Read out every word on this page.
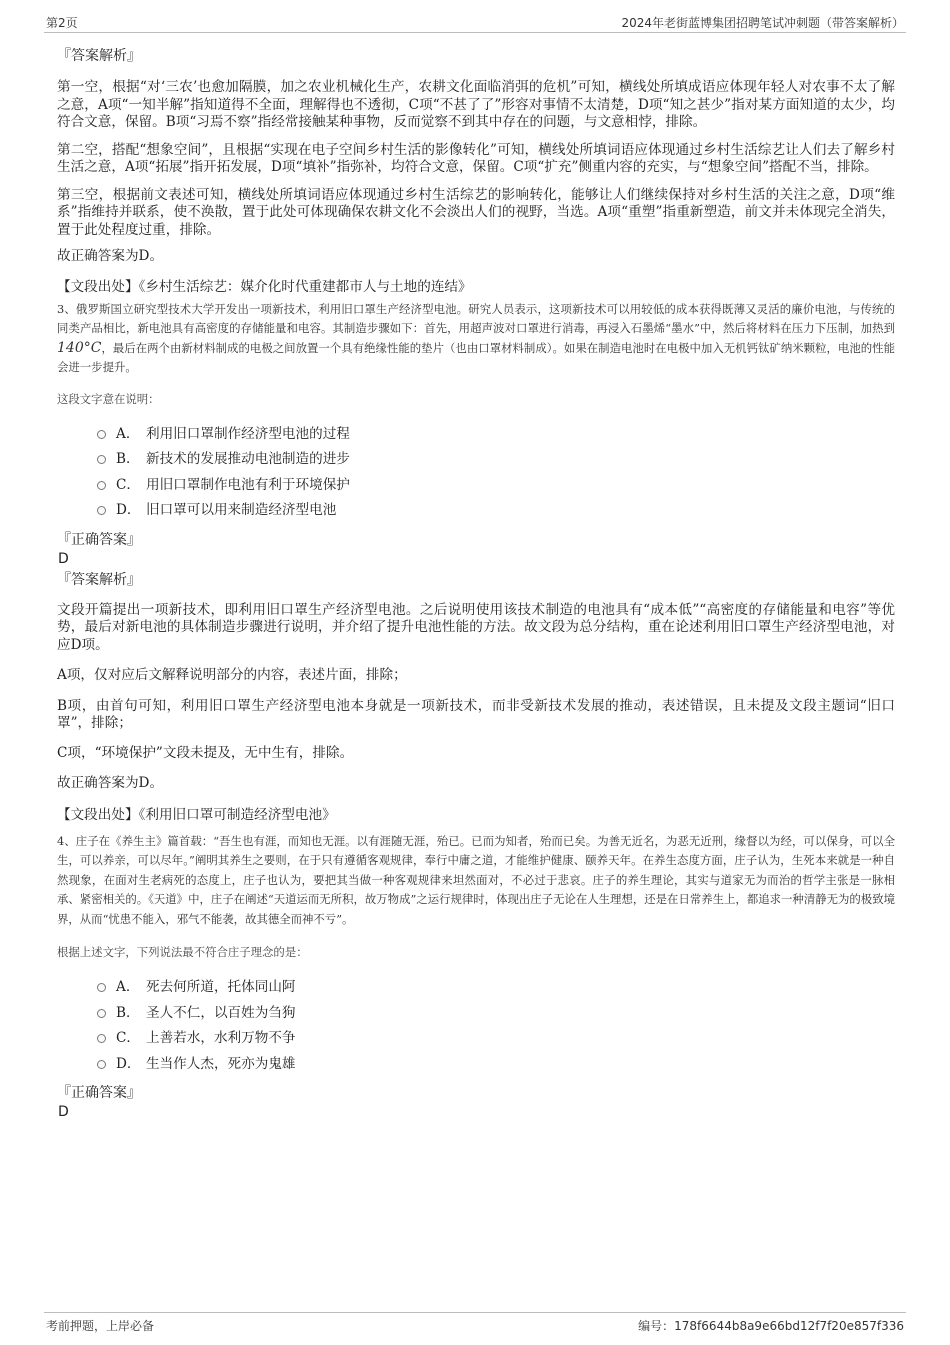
第2页	2024年老街蓝博集团招聘笔试冲刺题（带答案解析）

『答案解析』

第一空，根据“对‘三农’也愈加隔膜，加之农业机械化生产，农耕文化面临消弭的危机”可知，横线处所填成语应体现年轻人对农事不太了解之意，A项“一知半解”指知道得不全面，理解得也不透彻，C项“不甚了了”形容对事情不太清楚，D项“知之甚少”指对某方面知道的太少，均符合文意，保留。B项“习焉不察”指经常接触某种事物，反而觉察不到其中存在的问题，与文意相悖，排除。

第二空，搭配“想象空间”，且根据“实现在电子空间乡村生活的影像转化”可知，横线处所填词语应体现通过乡村生活综艺让人们去了解乡村生活之意，A项“拓展”指开拓发展，D项“填补”指弥补，均符合文意，保留。C项“扩充”侧重内容的充实，与“想象空间”搭配不当，排除。

第三空，根据前文表述可知，横线处所填词语应体现通过乡村生活综艺的影响转化，能够让人们继续保持对乡村生活的关注之意，D项“维系”指维持并联系，使不涣散，置于此处可体现确保农耕文化不会淡出人们的视野，当选。A项“重塑”指重新塑造，前文并未体现完全消失，置于此处程度过重，排除。

故正确答案为D。

【文段出处】《乡村生活综艺：媒介化时代重建都市人与土地的连结》

3、俄罗斯国立研究型技术大学开发出一项新技术，利用旧口罩生产经济型电池。研究人员表示，这项新技术可以用较低的成本获得既薄又灵活的廉价电池，与传统的同类产品相比，新电池具有高密度的存储能量和电容。其制造步骤如下：首先，用超声波对口罩进行消毒，再浸入石墨烯“墨水”中，然后将材料在压力下压制，加热到140°C，最后在两个由新材料制成的电极之间放置一个具有绝缘性能的垫片（也由口罩材料制成）。如果在制造电池时在电极中加入无机钙钛矿纳米颗粒，电池的性能会进一步提升。

这段文字意在说明：

A． 利用旧口罩制作经济型电池的过程
B． 新技术的发展推动电池制造的进步
C． 用旧口罩制作电池有利于环境保护
D． 旧口罩可以用来制造经济型电池

『正确答案』

D

『答案解析』

文段开篇提出一项新技术，即利用旧口罩生产经济型电池。之后说明使用该技术制造的电池具有“成本低”“高密度的存储能量和电容”等优势，最后对新电池的具体制造步骤进行说明，并介绍了提升电池性能的方法。故文段为总分结构，重在论述利用旧口罩生产经济型电池，对应D项。

A项，仅对应后文解释说明部分的内容，表述片面，排除；

B项，由首句可知，利用旧口罩生产经济型电池本身就是一项新技术，而非受新技术发展的推动，表述错误，且未提及文段主题词“旧口罩”，排除；

C项，“环境保护”文段未提及，无中生有，排除。

故正确答案为D。

【文段出处】《利用旧口罩可制造经济型电池》

4、庄子在《养生主》篇首载：“吾生也有涯，而知也无涯。以有涯随无涯，殆已。已而为知者，殆而已矣。为善无近名，为恶无近刑，缘督以为经，可以保身，可以全生，可以养亲，可以尽年。”阐明其养生之要则，在于只有遵循客观规律，奉行中庸之道，才能维护健康、颐养天年。在养生态度方面，庄子认为，生死本来就是一种自然现象，在面对生老病死的态度上，庄子也认为，要把其当做一种客观规律来坦然面对，不必过于悲哀。庄子的养生理论，其实与道家无为而治的哲学主张是一脉相承、紧密相关的。《天道》中，庄子在阐述“天道运而无所积，故万物成”之运行规律时，体现出庄子无论在人生理想，还是在日常养生上，都追求一种清静无为的极致境界，从而“忧患不能入，邪气不能袭，故其德全而神不亏”。

根据上述文字，下列说法最不符合庄子理念的是：

A． 死去何所道，托体同山阿
B． 圣人不仁，以百姓为刍狗
C． 上善若水，水利万物不争
D． 生当作人杰，死亦为鬼雄

『正确答案』

D

考前押题，上岸必备	编号：178f6644b8a9e66bd12f7f20e857f336
